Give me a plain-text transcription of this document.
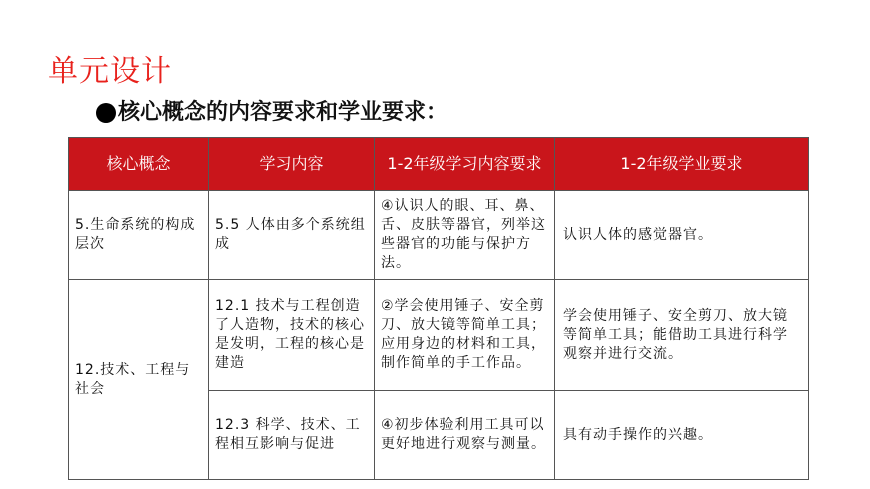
单元设计
核心概念的内容要求和学业要求：
核心概念	学习内容	1-2年级学习内容要求	1-2年级学业要求
5.生命系统的构成层次	5.5 人体由多个系统组成	④认识人的眼、耳、鼻、舌、皮肤等器官，列举这些器官的功能与保护方法。	认识人体的感觉器官。
12.技术、工程与社会	12.1 技术与工程创造了人造物，技术的核心是发明，工程的核心是建造	②学会使用锤子、安全剪刀、放大镜等简单工具；应用身边的材料和工具，制作简单的手工作品。	学会使用锤子、安全剪刀、放大镜等简单工具；能借助工具进行科学观察并进行交流。
	12.3 科学、技术、工程相互影响与促进	④初步体验利用工具可以更好地进行观察与测量。	具有动手操作的兴趣。
